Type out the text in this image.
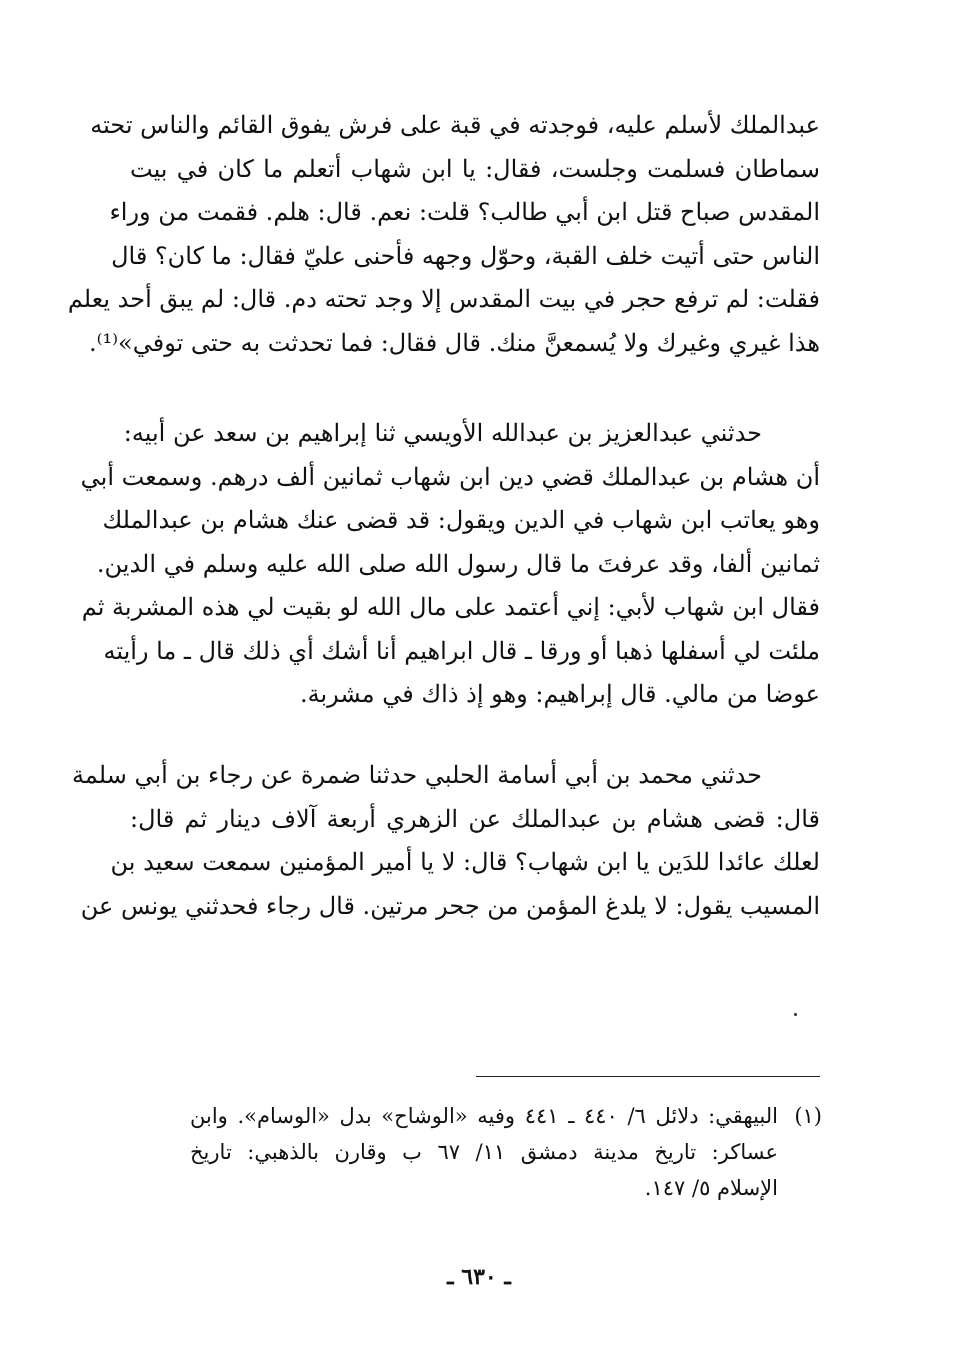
عبدالملك لأسلم عليه، فوجدته في قبة على فرش يفوق القائم والناس تحته
سماطان فسلمت وجلست، فقال: يا ابن شهاب أتعلم ما كان في بيت
المقدس صباح قتل ابن أبي طالب؟ قلت: نعم. قال: هلم. فقمت من وراء
الناس حتى أتيت خلف القبة، وحوّل وجهه فأحنى عليّ فقال: ما كان؟ قال
فقلت: لم ترفع حجر في بيت المقدس إلا وجد تحته دم. قال: لم يبق أحد يعلم
هذا غيري وغيرك ولا يُسمعنَّ منك. قال فقال: فما تحدثت به حتى توفي»⁽¹⁾.
حدثني عبدالعزيز بن عبدالله الأويسي ثنا إبراهيم بن سعد عن أبيه:
أن هشام بن عبدالملك قضي دين ابن شهاب ثمانين ألف درهم. وسمعت أبي
وهو يعاتب ابن شهاب في الدين ويقول: قد قضى عنك هشام بن عبدالملك
ثمانين ألفا، وقد عرفتَ ما قال رسول الله صلى الله عليه وسلم في الدين.
فقال ابن شهاب لأبي: إني أعتمد على مال الله لو بقيت لي هذه المشربة ثم
ملئت لي أسفلها ذهبا أو ورقا ـ قال ابراهيم أنا أشك أي ذلك قال ـ ما رأيته
عوضا من مالي. قال إبراهيم: وهو إذ ذاك في مشربة.
حدثني محمد بن أبي أسامة الحلبي حدثنا ضمرة عن رجاء بن أبي سلمة
قال: قضى هشام بن عبدالملك عن الزهري أربعة آلاف دينار ثم قال:
لعلك عائدا للدَين يا ابن شهاب؟ قال: لا يا أمير المؤمنين سمعت سعيد بن
المسيب يقول: لا يلدغ المؤمن من جحر مرتين. قال رجاء فحدثني يونس عن
(١)
البيهقي: دلائل ٦/ ٤٤٠ ـ ٤٤١ وفيه «الوشاح» بدل «الوسام». وابن
عساكر: تاريخ مدينة دمشق ١١/ ٦٧ ب وقارن بالذهبي: تاريخ
الإسلام ٥/ ١٤٧.
ـ ٦٣٠ ـ
